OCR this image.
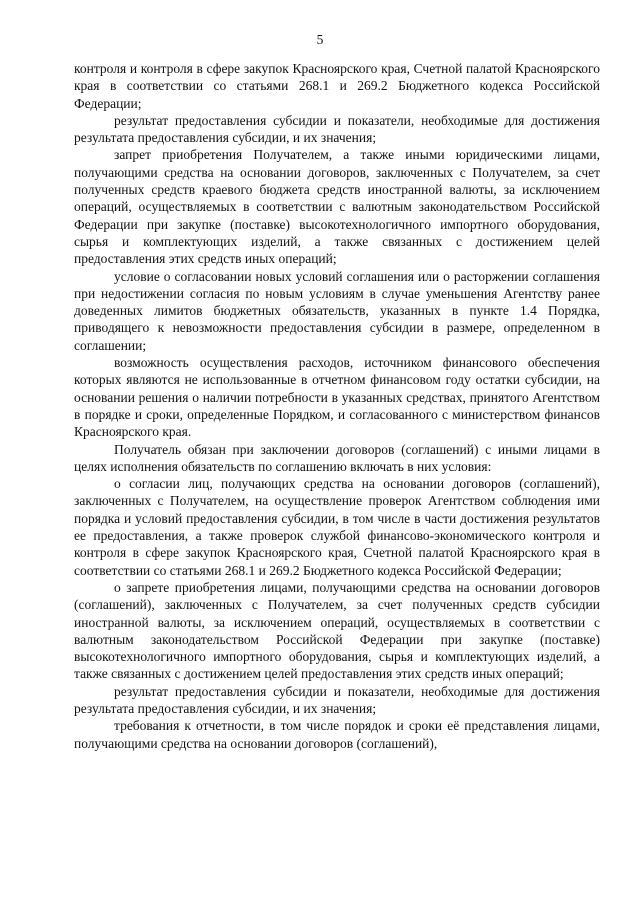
5

контроля и контроля в сфере закупок Красноярского края, Счетной палатой Красноярского края в соответствии со статьями 268.1 и 269.2 Бюджетного кодекса Российской Федерации;

результат предоставления субсидии и показатели, необходимые для достижения результата предоставления субсидии, и их значения;

запрет приобретения Получателем, а также иными юридическими лицами, получающими средства на основании договоров, заключенных с Получателем, за счет полученных средств краевого бюджета средств иностранной валюты, за исключением операций, осуществляемых в соответствии с валютным законодательством Российской Федерации при закупке (поставке) высокотехнологичного импортного оборудования, сырья и комплектующих изделий, а также связанных с достижением целей предоставления этих средств иных операций;

условие о согласовании новых условий соглашения или о расторжении соглашения при недостижении согласия по новым условиям в случае уменьшения Агентству ранее доведенных лимитов бюджетных обязательств, указанных в пункте 1.4 Порядка, приводящего к невозможности предоставления субсидии в размере, определенном в соглашении;

возможность осуществления расходов, источником финансового обеспечения которых являются не использованные в отчетном финансовом году остатки субсидии, на основании решения о наличии потребности в указанных средствах, принятого Агентством в порядке и сроки, определенные Порядком, и согласованного с министерством финансов Красноярского края.

Получатель обязан при заключении договоров (соглашений) с иными лицами в целях исполнения обязательств по соглашению включать в них условия:

о согласии лиц, получающих средства на основании договоров (соглашений), заключенных с Получателем, на осуществление проверок Агентством соблюдения ими порядка и условий предоставления субсидии, в том числе в части достижения результатов ее предоставления, а также проверок службой финансово-экономического контроля и контроля в сфере закупок Красноярского края, Счетной палатой Красноярского края в соответствии со статьями 268.1 и 269.2 Бюджетного кодекса Российской Федерации;

о запрете приобретения лицами, получающими средства на основании договоров (соглашений), заключенных с Получателем, за счет полученных средств субсидии иностранной валюты, за исключением операций, осуществляемых в соответствии с валютным законодательством Российской Федерации при закупке (поставке) высокотехнологичного импортного оборудования, сырья и комплектующих изделий, а также связанных с достижением целей предоставления этих средств иных операций;

результат предоставления субсидии и показатели, необходимые для достижения результата предоставления субсидии, и их значения;

требования к отчетности, в том числе порядок и сроки её представления лицами, получающими средства на основании договоров (соглашений),
